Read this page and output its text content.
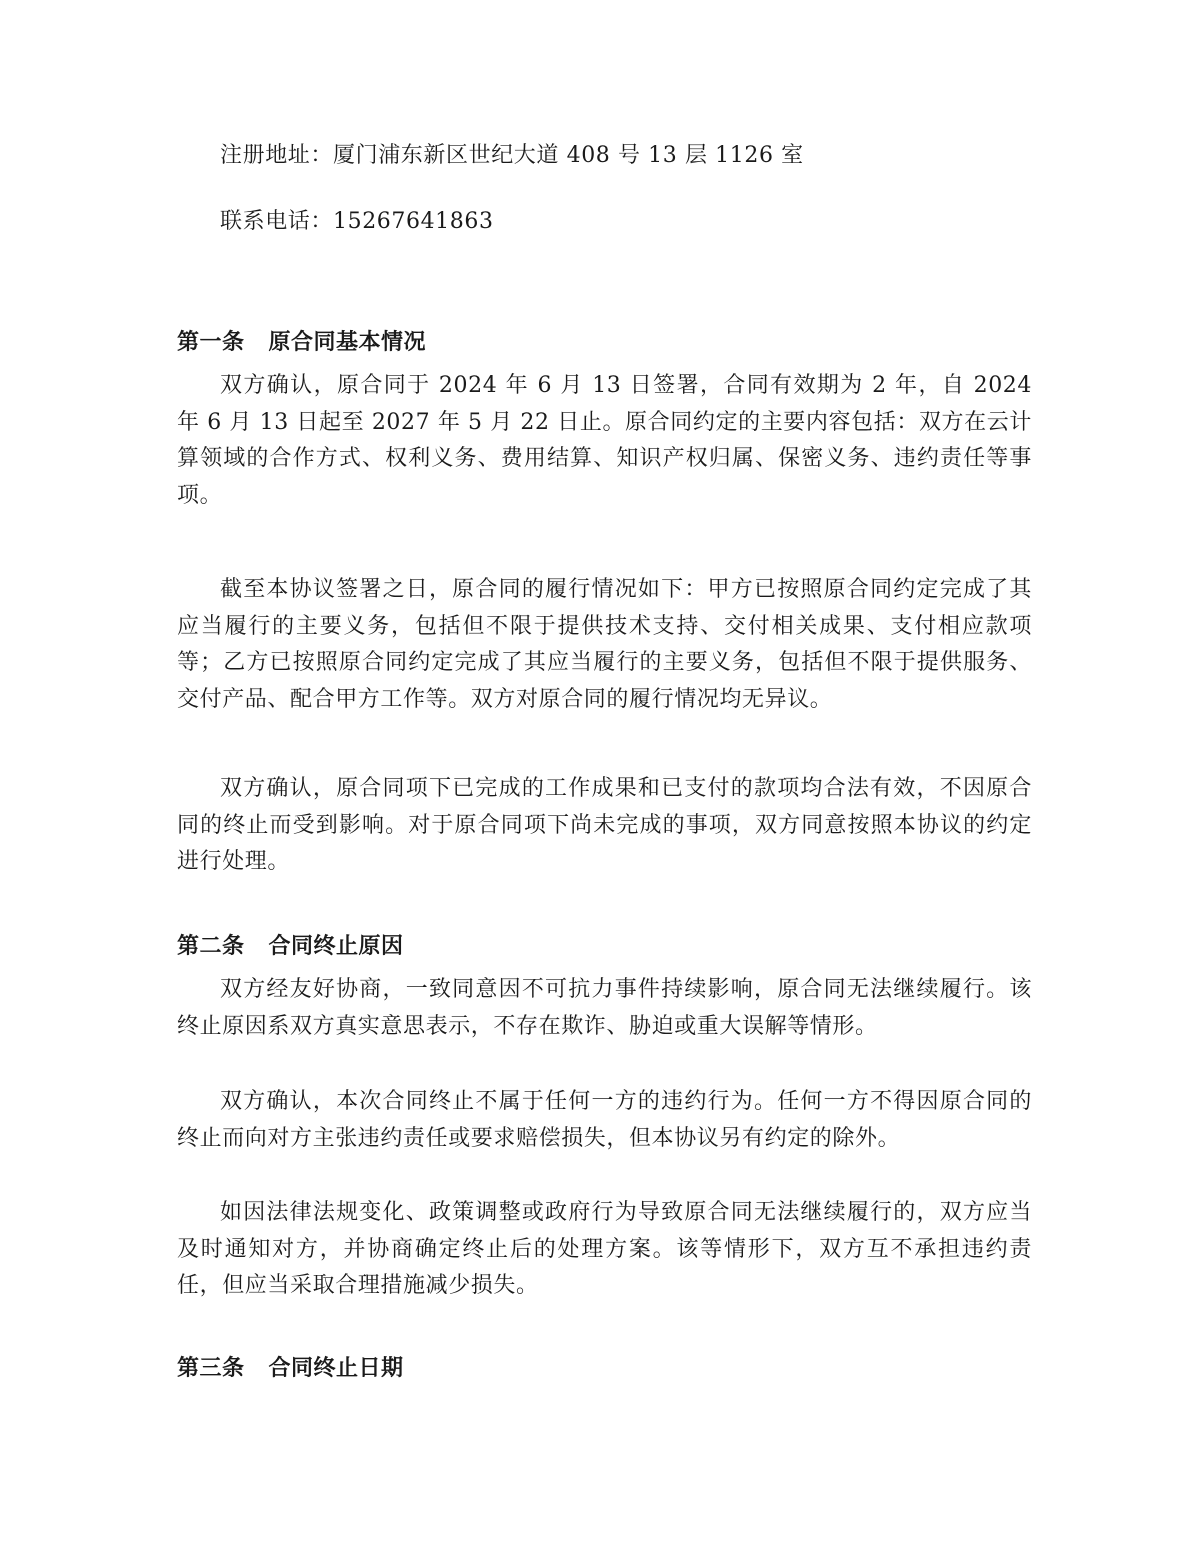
注册地址：厦门浦东新区世纪大道 408 号 13 层 1126 室

联系电话：15267641863

第一条 原合同基本情况

双方确认，原合同于 2024 年 6 月 13 日签署，合同有效期为 2 年，自 2024 年 6 月 13 日起至 2027 年 5 月 22 日止。原合同约定的主要内容包括：双方在云计算领域的合作方式、权利义务、费用结算、知识产权归属、保密义务、违约责任等事项。

截至本协议签署之日，原合同的履行情况如下：甲方已按照原合同约定完成了其应当履行的主要义务，包括但不限于提供技术支持、交付相关成果、支付相应款项等；乙方已按照原合同约定完成了其应当履行的主要义务，包括但不限于提供服务、交付产品、配合甲方工作等。双方对原合同的履行情况均无异议。

双方确认，原合同项下已完成的工作成果和已支付的款项均合法有效，不因原合同的终止而受到影响。对于原合同项下尚未完成的事项，双方同意按照本协议的约定进行处理。

第二条 合同终止原因

双方经友好协商，一致同意因不可抗力事件持续影响，原合同无法继续履行。该终止原因系双方真实意思表示，不存在欺诈、胁迫或重大误解等情形。

双方确认，本次合同终止不属于任何一方的违约行为。任何一方不得因原合同的终止而向对方主张违约责任或要求赔偿损失，但本协议另有约定的除外。

如因法律法规变化、政策调整或政府行为导致原合同无法继续履行的，双方应当及时通知对方，并协商确定终止后的处理方案。该等情形下，双方互不承担违约责任，但应当采取合理措施减少损失。

第三条 合同终止日期
